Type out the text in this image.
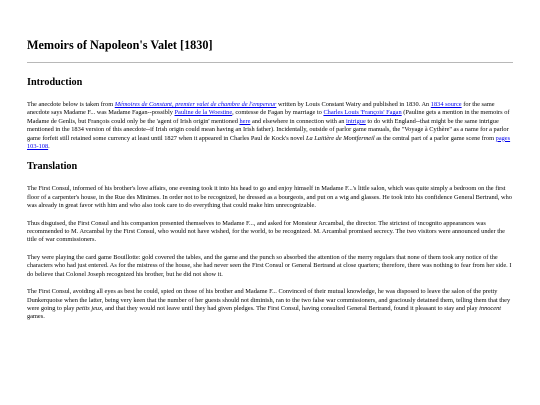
Memoirs of Napoleon's Valet [1830]
Introduction

The anecdote below is taken from Mémoires de Constant, premier valet de chambre de l'empereur written by Louis Constant Wairy and published in 1830. An 1834 source for the same anecdote says Madame F... was Madame Fagan--possibly Pauline de la Woestine, comtesse de Fagan by marriage to Charles Louis 'François' Fagan (Pauline gets a mention in the memoirs of Madame de Genlis, but François could only be the 'agent of Irish origin' mentioned here and elsewhere in connection with an intrigue to do with England--that might be the same intrigue mentioned in the 1834 version of this anecdote--if Irish origin could mean having an Irish father). Incidentally, outside of parlor game manuals, the "Voyage à Cythère" as a name for a parlor game forfeit still retained some currency at least until 1827 when it appeared in Charles Paul de Kock's novel La Laitière de Montfermeil as the central part of a parlor game scene from pages 103-108.

Translation

The First Consul, informed of his brother's love affairs, one evening took it into his head to go and enjoy himself in Madame F...'s little salon, which was quite simply a bedroom on the first floor of a carpenter's house, in the Rue des Minimes. In order not to be recognized, he dressed as a bourgeois, and put on a wig and glasses. He took into his confidence General Bertrand, who was already in great favor with him and who also took care to do everything that could make him unrecognizable.

Thus disguised, the First Consul and his companion presented themselves to Madame F..., and asked for Monsieur Arcambal, the director. The strictest of incognito appearances was recommended to M. Arcambal by the First Consul, who would not have wished, for the world, to be recognized. M. Arcambal promised secrecy. The two visitors were announced under the title of war commissioners.

They were playing the card game Bouillotte: gold covered the tables, and the game and the punch so absorbed the attention of the merry regulars that none of them took any notice of the characters who had just entered. As for the mistress of the house, she had never seen the First Consul or General Bertrand at close quarters; therefore, there was nothing to fear from her side. I do believe that Colonel Joseph recognized his brother, but he did not show it.

The First Consul, avoiding all eyes as best he could, spied on those of his brother and Madame F... Convinced of their mutual knowledge, he was disposed to leave the salon of the pretty Dunkerquoise when the latter, being very keen that the number of her guests should not diminish, ran to the two false war commissioners, and graciously detained them, telling them that they were going to play petits jeux, and that they would not leave until they had given pledges. The First Consul, having consulted General Bertrand, found it pleasant to stay and play innocent games.
